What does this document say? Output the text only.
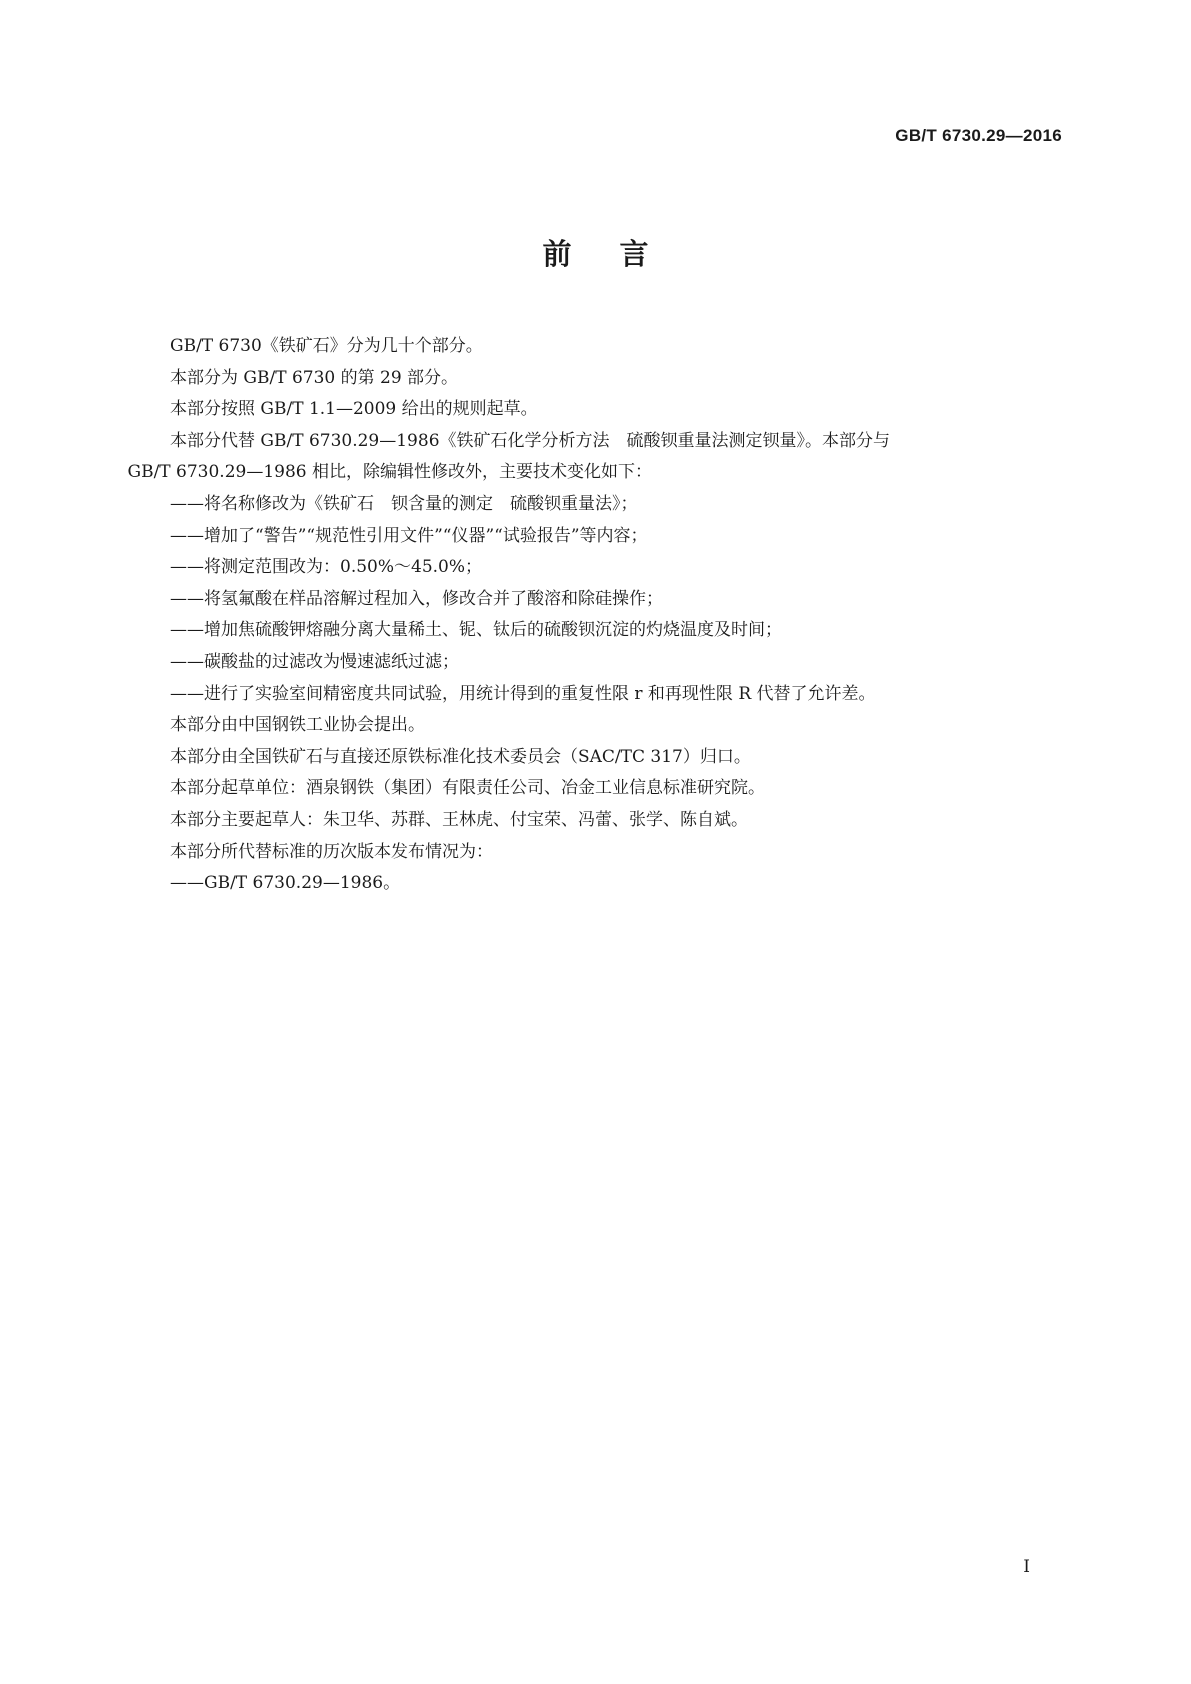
GB/T 6730.29—2016
前言

GB/T 6730《铁矿石》分为几十个部分。

本部分为 GB/T 6730 的第 29 部分。

本部分按照 GB/T 1.1—2009 给出的规则起草。

本部分代替 GB/T 6730.29—1986《铁矿石化学分析方法　硫酸钡重量法测定钡量》。本部分与

GB/T 6730.29—1986 相比，除编辑性修改外，主要技术变化如下：

——将名称修改为《铁矿石　钡含量的测定　硫酸钡重量法》；

——增加了“警告”“规范性引用文件”“仪器”“试验报告”等内容；

——将测定范围改为：0.50%～45.0%；

——将氢氟酸在样品溶解过程加入，修改合并了酸溶和除硅操作；

——增加焦硫酸钾熔融分离大量稀土、铌、钛后的硫酸钡沉淀的灼烧温度及时间；

——碳酸盐的过滤改为慢速滤纸过滤；

——进行了实验室间精密度共同试验，用统计得到的重复性限 r 和再现性限 R 代替了允许差。

本部分由中国钢铁工业协会提出。

本部分由全国铁矿石与直接还原铁标准化技术委员会（SAC/TC 317）归口。

本部分起草单位：酒泉钢铁（集团）有限责任公司、冶金工业信息标准研究院。

本部分主要起草人：朱卫华、苏群、王林虎、付宝荣、冯蕾、张学、陈自斌。

本部分所代替标准的历次版本发布情况为：

——GB/T 6730.29—1986。

I
